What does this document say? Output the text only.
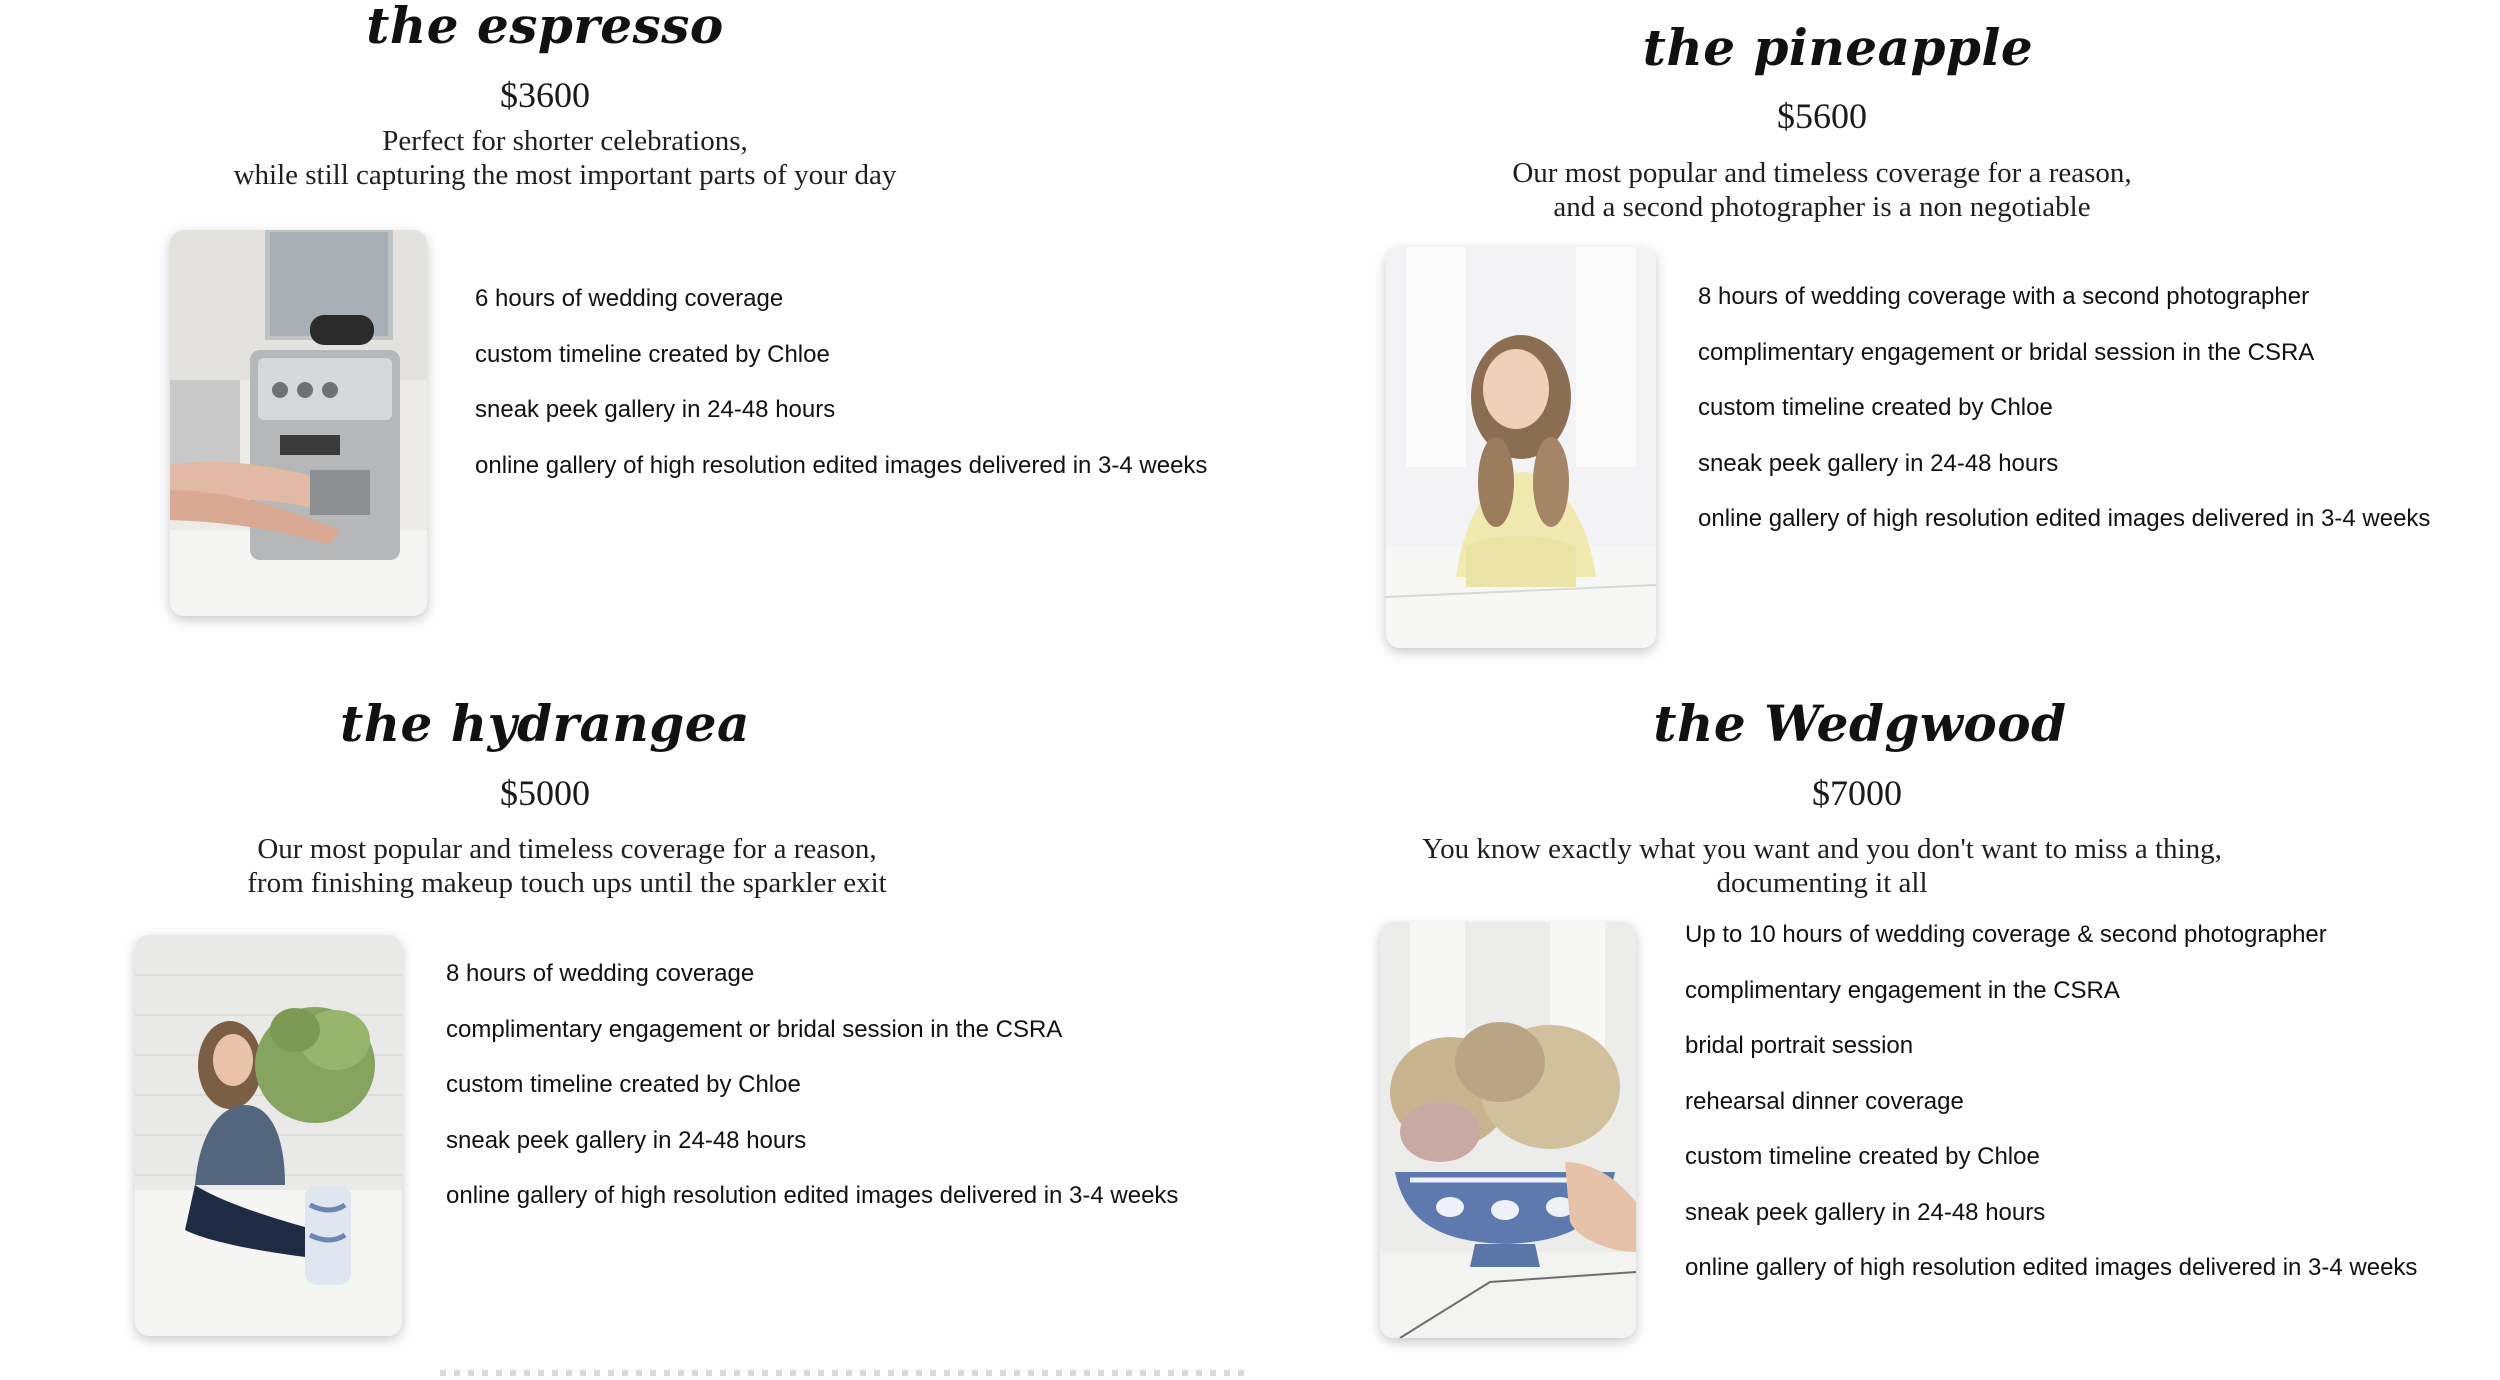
the espresso
$3600

Perfect for shorter celebrations,
while still capturing the most important parts of your day

6 hours of wedding coverage
custom timeline created by Chloe
sneak peek gallery in 24-48 hours
online gallery of high resolution edited images delivered in 3-4 weeks
the pineapple
$5600

Our most popular and timeless coverage for a reason,
and a second photographer is a non negotiable

8 hours of wedding coverage with a second photographer
complimentary engagement or bridal session in the CSRA
custom timeline created by Chloe
sneak peek gallery in 24-48 hours
online gallery of high resolution edited images delivered in 3-4 weeks
the hydrangea
$5000

Our most popular and timeless coverage for a reason,
from finishing makeup touch ups until the sparkler exit

8 hours of wedding coverage
complimentary engagement or bridal session in the CSRA
custom timeline created by Chloe
sneak peek gallery in 24-48 hours
online gallery of high resolution edited images delivered in 3-4 weeks
the Wedgwood
$7000

You know exactly what you want and you don't want to miss a thing,
documenting it all

Up to 10 hours of wedding coverage & second photographer
complimentary engagement in the CSRA
bridal portrait session
rehearsal dinner coverage
custom timeline created by Chloe
sneak peek gallery in 24-48 hours
online gallery of high resolution edited images delivered in 3-4 weeks
